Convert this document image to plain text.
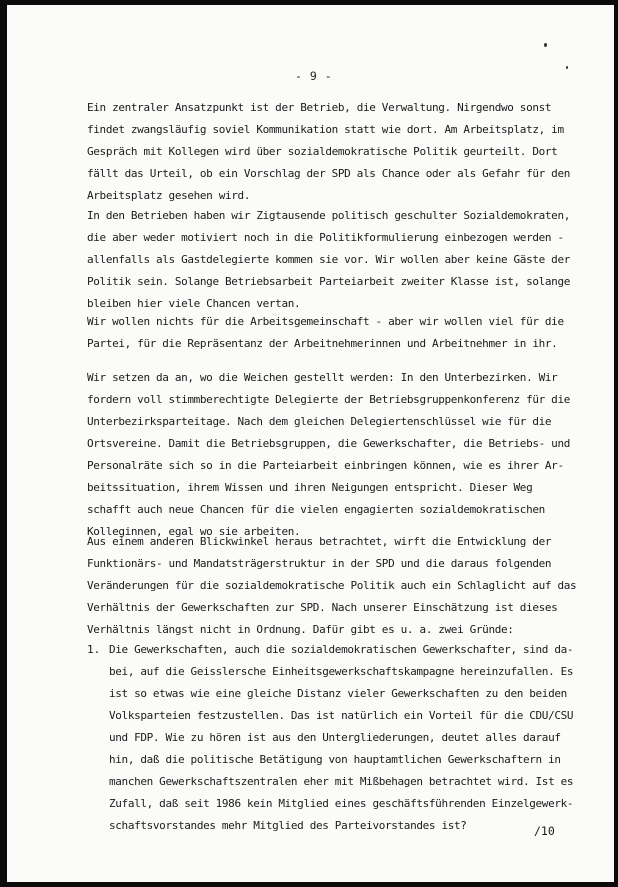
- 9 -
Ein zentraler Ansatzpunkt ist der Betrieb, die Verwaltung. Nirgendwo sonst
findet zwangsläufig soviel Kommunikation statt wie dort. Am Arbeitsplatz, im
Gespräch mit Kollegen wird über sozialdemokratische Politik geurteilt. Dort
fällt das Urteil, ob ein Vorschlag der SPD als Chance oder als Gefahr für den
Arbeitsplatz gesehen wird.
In den Betrieben haben wir Zigtausende politisch geschulter Sozialdemokraten,
die aber weder motiviert noch in die Politikformulierung einbezogen werden -
allenfalls als Gastdelegierte kommen sie vor. Wir wollen aber keine Gäste der
Politik sein. Solange Betriebsarbeit Parteiarbeit zweiter Klasse ist, solange
bleiben hier viele Chancen vertan.
Wir wollen nichts für die Arbeitsgemeinschaft - aber wir wollen viel für die
Partei, für die Repräsentanz der Arbeitnehmerinnen und Arbeitnehmer in ihr.
Wir setzen da an, wo die Weichen gestellt werden: In den Unterbezirken. Wir
fordern voll stimmberechtigte Delegierte der Betriebsgruppenkonferenz für die
Unterbezirksparteitage. Nach dem gleichen Delegiertenschlüssel wie für die
Ortsvereine. Damit die Betriebsgruppen, die Gewerkschafter, die Betriebs- und
Personalräte sich so in die Parteiarbeit einbringen können, wie es ihrer Ar-
beitssituation, ihrem Wissen und ihren Neigungen entspricht. Dieser Weg
schafft auch neue Chancen für die vielen engagierten sozialdemokratischen
Kolleginnen, egal wo sie arbeiten.
Aus einem anderen Blickwinkel heraus betrachtet, wirft die Entwicklung der
Funktionärs- und Mandatsträgerstruktur in der SPD und die daraus folgenden
Veränderungen für die sozialdemokratische Politik auch ein Schlaglicht auf das
Verhältnis der Gewerkschaften zur SPD. Nach unserer Einschätzung ist dieses
Verhältnis längst nicht in Ordnung. Dafür gibt es u. a. zwei Gründe:
1. Die Gewerkschaften, auch die sozialdemokratischen Gewerkschafter, sind da-
bei, auf die Geisslersche Einheitsgewerkschaftskampagne hereinzufallen. Es
ist so etwas wie eine gleiche Distanz vieler Gewerkschaften zu den beiden
Volksparteien festzustellen. Das ist natürlich ein Vorteil für die CDU/CSU
und FDP. Wie zu hören ist aus den Untergliederungen, deutet alles darauf
hin, daß die politische Betätigung von hauptamtlichen Gewerkschaftern in
manchen Gewerkschaftszentralen eher mit Mißbehagen betrachtet wird. Ist es
Zufall, daß seit 1986 kein Mitglied eines geschäftsführenden Einzelgewerk-
schaftsvorstandes mehr Mitglied des Parteivorstandes ist?	/10
